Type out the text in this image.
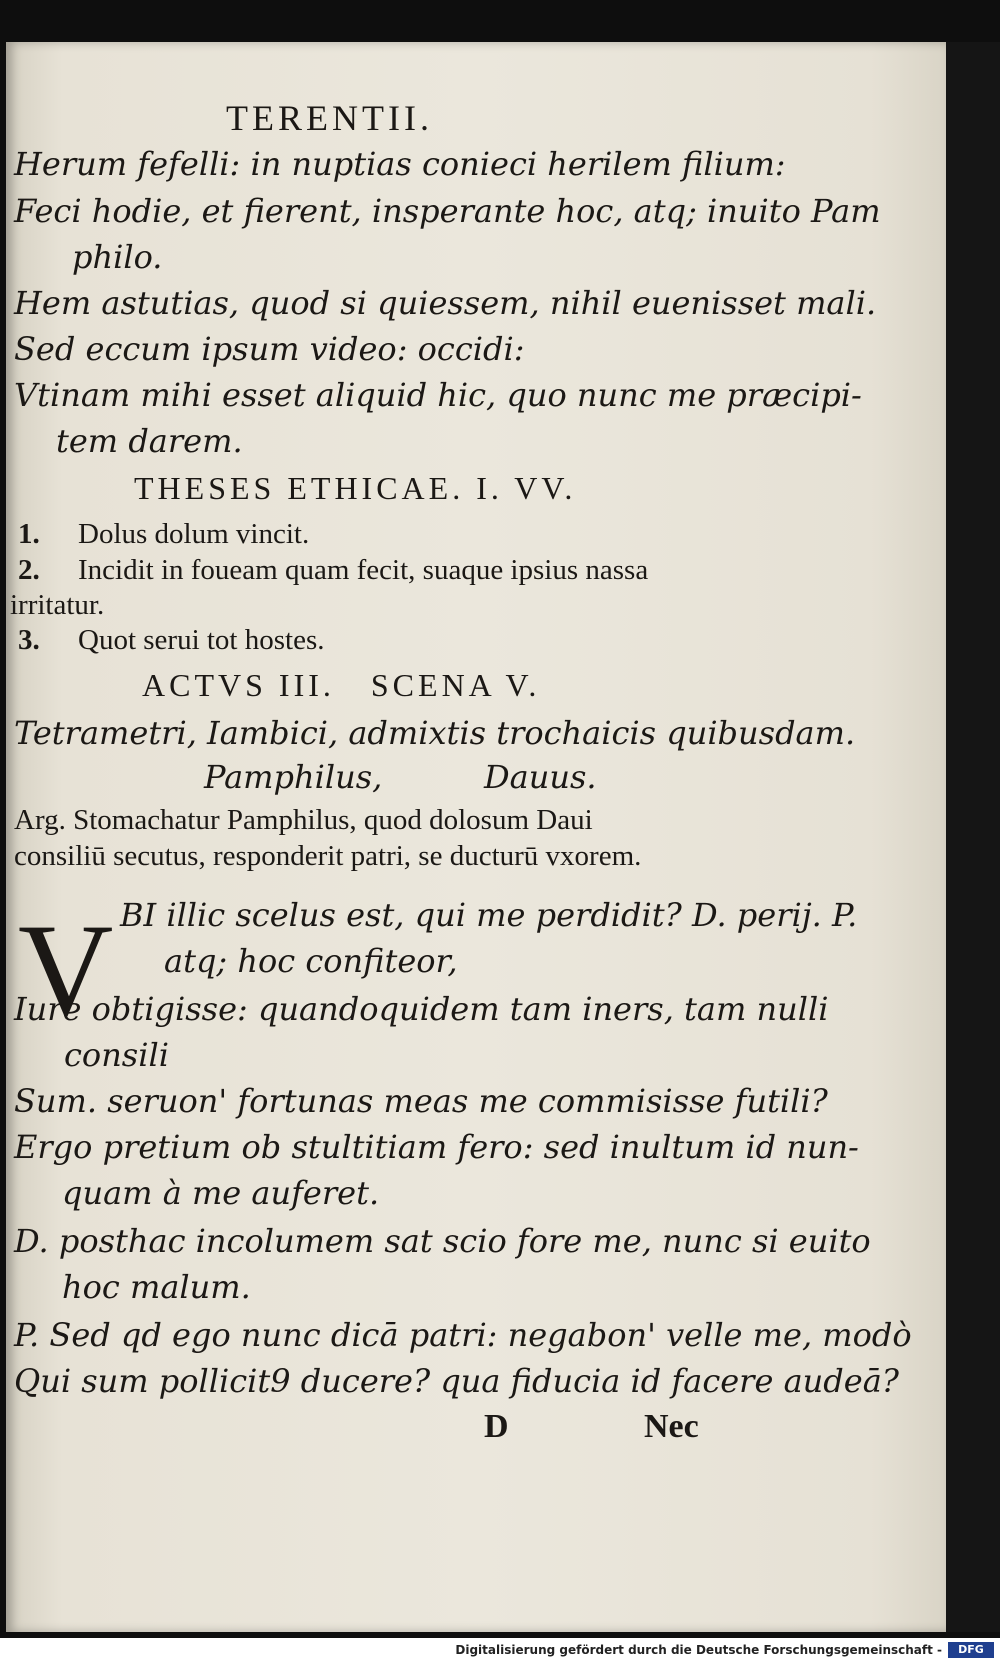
TERENTII.
Herum fefelli: in nuptias conieci herilem filium:
Feci hodie, et fierent, insperante hoc, atq; inuito Pam
philo.
Hem astutias, quod si quiessem, nihil euenisset mali.
Sed eccum ipsum video: occidi:
Vtinam mihi esset aliquid hic, quo nunc me præcipi-
tem darem.
THESES ETHICAE. I. VV.
1. Dolus dolum vincit.
2. Incidit in foueam quam fecit, suaque ipsius nassa
irritatur.
3. Quot serui tot hostes.
ACTVS III.   SCENA V.
Tetrametri, Iambici, admixtis trochaicis quibusdam.
Pamphilus,          Dauus.
Arg. Stomachatur Pamphilus, quod dolosum Daui
consiliū secutus, responderit patri, se ducturū vxorem.
V BI illic scelus est, qui me perdidit? D. perij. P.
atq; hoc confiteor,
Iure obtigisse: quandoquidem tam iners, tam nulli
consili
Sum. seruon' fortunas meas me commisisse futili?
Ergo pretium ob stultitiam fero: sed inultum id nun-
quam à me auferet.
D. posthac incolumem sat scio fore me, nunc si euito
hoc malum.
P. Sed qd ego nunc dicā patri: negabon' velle me, modò
Qui sum pollicit9 ducere? qua fiducia id facere audeā?
D	Nec
Digitalisierung gefördert durch die Deutsche Forschungsgemeinschaft -	DFG
